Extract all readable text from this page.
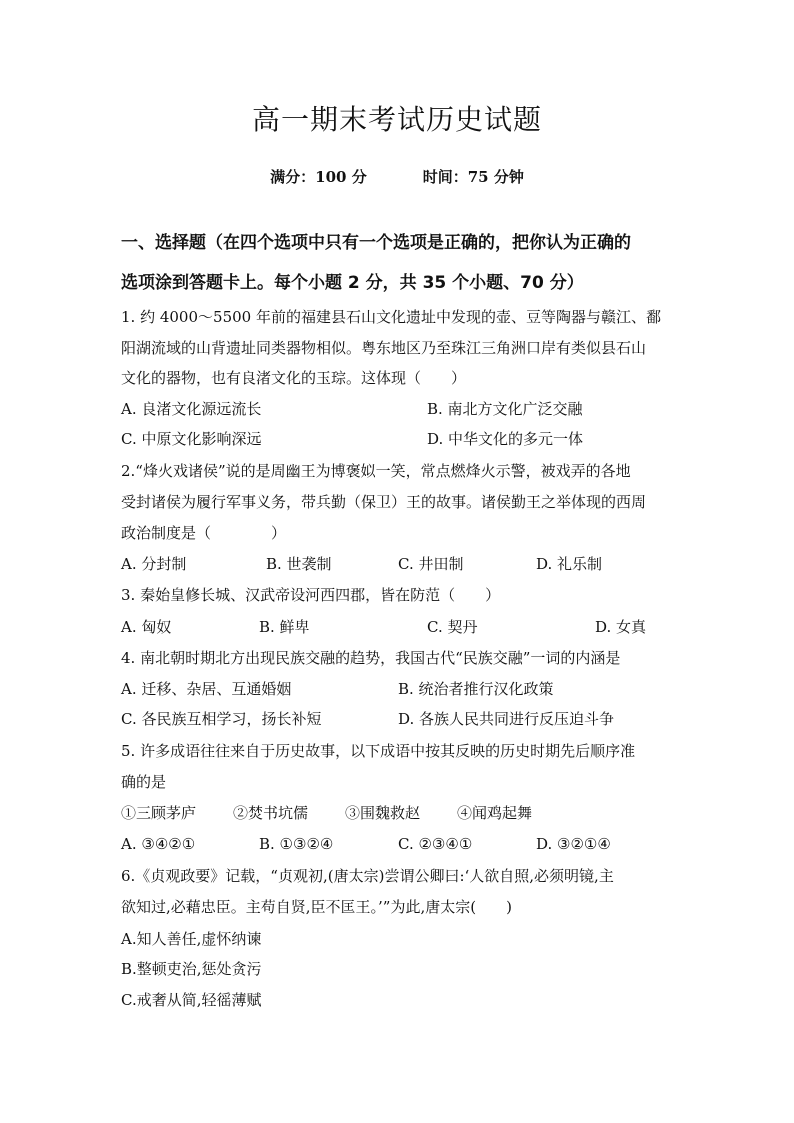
高一期末考试历史试题
满分：100 分	时间：75 分钟
一、选择题（在四个选项中只有一个选项是正确的，把你认为正确的
选项涂到答题卡上。每个小题 2 分，共 35 个小题、70 分）
1. 约 4000～5500 年前的福建县石山文化遗址中发现的壶、豆等陶器与赣江、鄱
阳湖流域的山背遗址同类器物相似。粤东地区乃至珠江三角洲口岸有类似县石山
文化的器物，也有良渚文化的玉琮。这体现（　　）
A. 良渚文化源远流长	B. 南北方文化广泛交融
C. 中原文化影响深远	D. 中华文化的多元一体
2.“烽火戏诸侯”说的是周幽王为博褒姒一笑，常点燃烽火示警，被戏弄的各地
受封诸侯为履行军事义务，带兵勤（保卫）王的故事。诸侯勤王之举体现的西周
政治制度是（　　　　）
A. 分封制	B. 世袭制	C. 井田制	D. 礼乐制
3. 秦始皇修长城、汉武帝设河西四郡，皆在防范（　　）
A. 匈奴	B. 鲜卑	C. 契丹	D. 女真
4. 南北朝时期北方出现民族交融的趋势，我国古代“民族交融”一词的内涵是
A. 迁移、杂居、互通婚姻	B. 统治者推行汉化政策
C. 各民族互相学习，扬长补短	D. 各族人民共同进行反压迫斗争
5. 许多成语往往来自于历史故事，以下成语中按其反映的历史时期先后顺序准
确的是
①三顾茅庐 ②焚书坑儒 ③围魏救赵 ④闻鸡起舞
A. ③④②①	B. ①③②④	C. ②③④①	D. ③②①④
6.《贞观政要》记载，“贞观初,(唐太宗)尝谓公卿曰:‘人欲自照,必须明镜,主
欲知过,必藉忠臣。主苟自贤,臣不匡王。’”为此,唐太宗(　　)
A.知人善任,虚怀纳谏
B.整顿吏治,惩处贪污
C.戒奢从简,轻徭薄赋
